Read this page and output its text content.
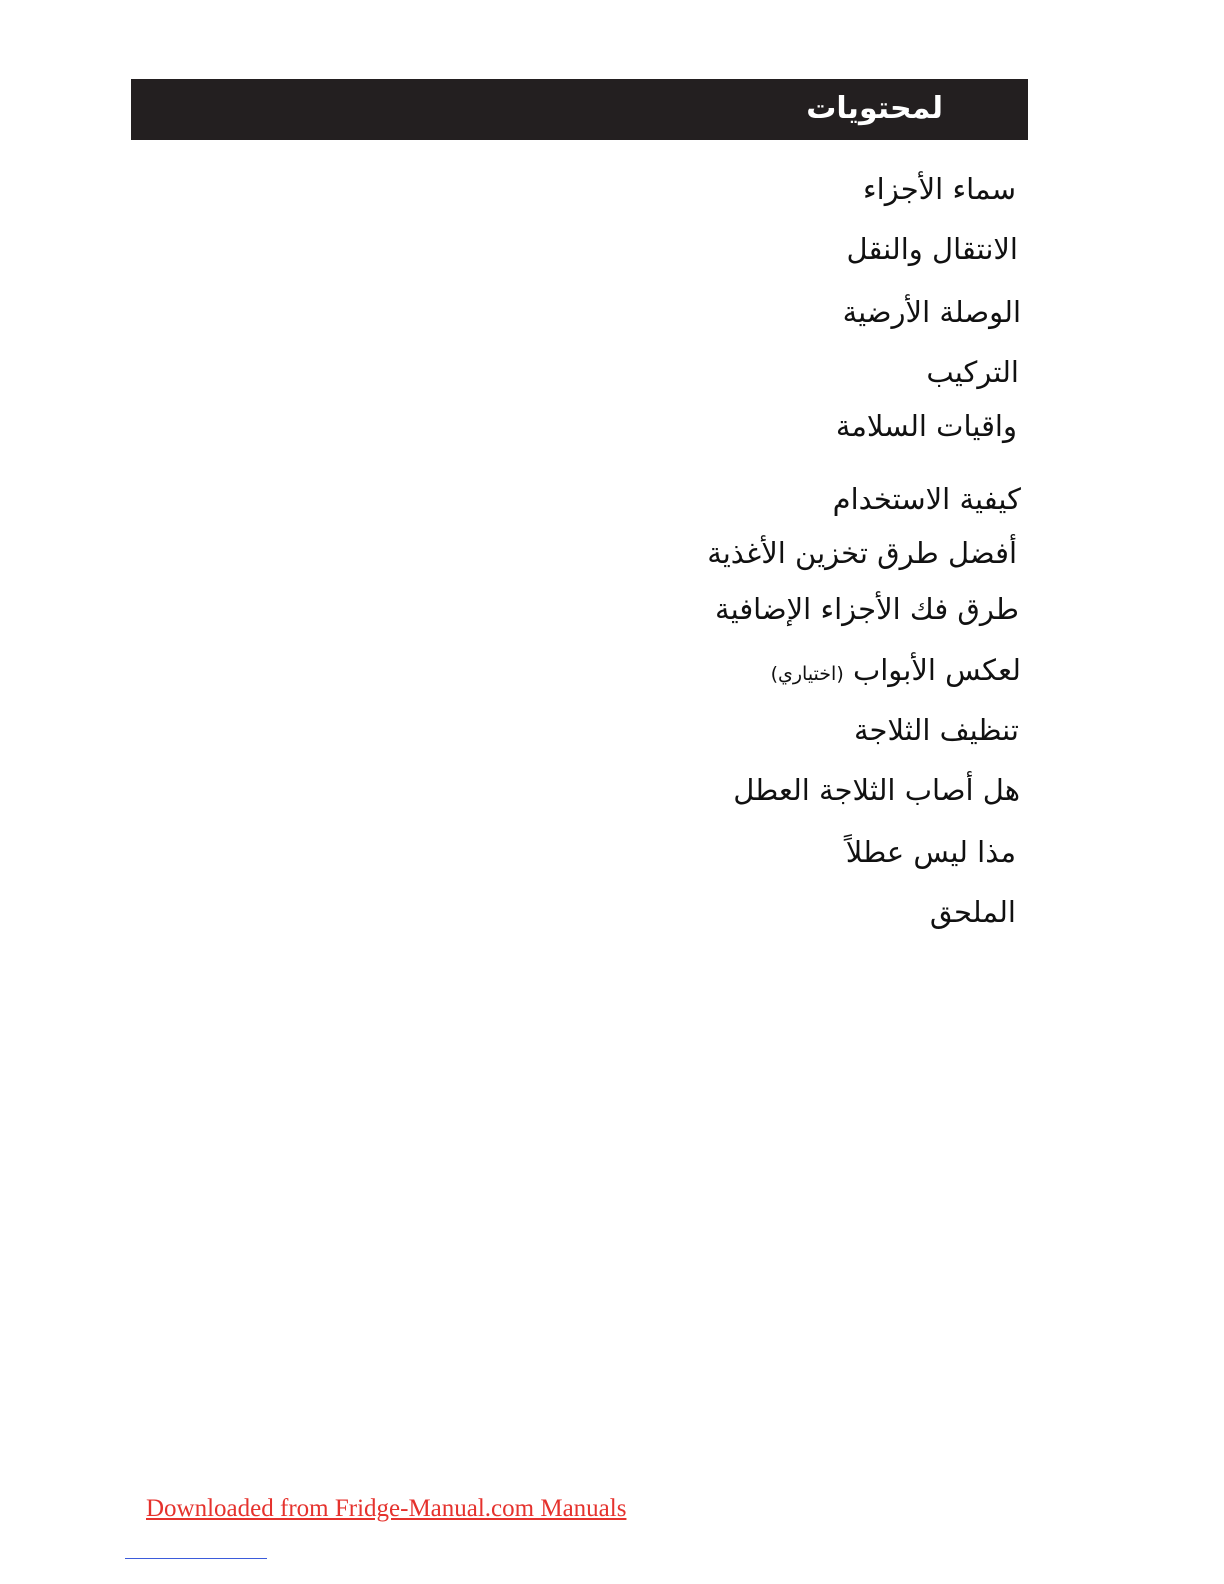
لمحتويات
سماء الأجزاء
الانتقال والنقل
الوصلة الأرضية
التركيب
واقيات السلامة
كيفية الاستخدام
أفضل طرق تخزين الأغذية
طرق فك الأجزاء الإضافية
لعكس الأبواب (اختياري)
تنظيف الثلاجة
هل أصاب الثلاجة العطل
مذا ليس عطلاً
الملحق
Downloaded from Fridge-Manual.com Manuals
